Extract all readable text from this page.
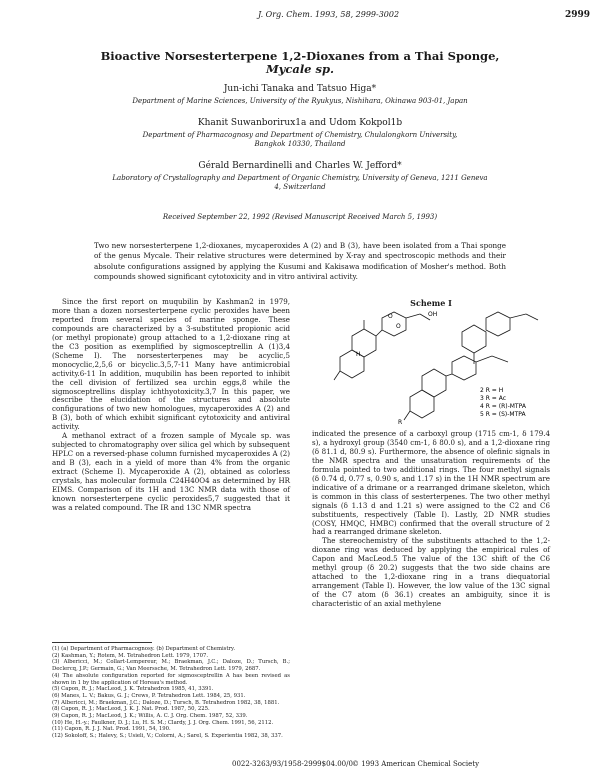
J. Org. Chem. 1993, 58, 2999-3002	2999
Bioactive Norsesterterpene 1,2-Dioxanes from a Thai Sponge,
Mycale sp.
Jun-ichi Tanaka and Tatsuo Higa*
Department of Marine Sciences, University of the Ryukyus, Nishihara, Okinawa 903-01, Japan
Khanit Suwanborirux1a and Udom Kokpol1b
Department of Pharmacognosy and Department of Chemistry, Chulalongkorn University, Bangkok 10330, Thailand
Gérald Bernardinelli and Charles W. Jefford*
Laboratory of Crystallography and Department of Organic Chemistry, University of Geneva, 1211 Geneva 4, Switzerland
Received September 22, 1992 (Revised Manuscript Received March 5, 1993)
Two new norsesterterpene 1,2-dioxanes, mycaperoxides A (2) and B (3), have been isolated from a Thai sponge of the genus Mycale. Their relative structures were determined by X-ray and spectroscopic methods and their absolute configurations assigned by applying the Kusumi and Kakisawa modification of Mosher's method. Both compounds showed significant cytotoxicity and in vitro antiviral activity.

Since the first report on muqubilin by Kashman2 in 1979, more than a dozen norsesterterpene cyclic peroxides have been reported from several species of marine sponge. These compounds are characterized by a 3-substituted propionic acid (or methyl propionate) group attached to a 1,2-dioxane ring at the C3 position as exemplified by sigmosceptrellin A (1)3,4 (Scheme I). The norsesterterpenes may be acyclic,5 monocyclic,2,5,6 or bicyclic.3,5,7-11 Many have antimicrobial activity.6-11 In addition, muqubilin has been reported to inhibit the cell division of fertilized sea urchin eggs,8 while the sigmosceptrellins display ichthyotoxicity.3,7 In this paper, we describe the elucidation of the structures and absolute configurations of two new homologues, mycaperoxides A (2) and B (3), both of which exhibit significant cytotoxicity and antiviral activity.

A methanol extract of a frozen sample of Mycale sp. was subjected to chromatography over silica gel which by subsequent HPLC on a reversed-phase column furnished mycaperoxides A (2) and B (3), each in a yield of more than 4% from the organic extract (Scheme I). Mycaperoxide A (2), obtained as colorless crystals, has molecular formula C24H40O4 as determined by HR EIMS. Comparison of its 1H and 13C NMR data with those of known norsesterterpene cyclic peroxides5,7 suggested that it was a related compound. The IR and 13C NMR spectra

(1) (a) Department of Pharmacognosy. (b) Department of Chemistry.

(2) Kashman, Y.; Rotem, M. Tetrahedron Lett. 1979, 1707.

(3) Albericci, M.; Collart-Lempereur, M.; Braekman, J.C.; Daloze, D.; Tursch, B.; Declercq, J.P.; Germain, G.; Van Meerssche, M. Tetrahedron Lett. 1979, 2687.

(4) The absolute configuration reported for sigmosceptrellin A has been revised as shown in 1 by the application of Horeau's method.

(5) Capon, R. J.; MacLeod, J. K. Tetrahedron 1985, 41, 3391.

(6) Manes, L. V.; Bakus, G. J.; Crews, P. Tetrahedron Lett. 1984, 25, 931.

(7) Albericci, M.; Braekman, J.C.; Daloze, D.; Tursch, B. Tetrahedron 1982, 38, 1881.

(8) Capon, R. J.; MacLeod, J. K. J. Nat. Prod. 1987, 50, 225.

(9) Capon, R. J.; MacLeod, J. K.; Willis, A. C. J. Org. Chem. 1987, 52, 339.

(10) He, H.-y.; Faulkner, D. J.; Lu, H. S. M.; Clardy, J. J. Org. Chem. 1991, 56, 2112.

(11) Capon, R. J. J. Nat. Prod. 1991, 54, 190.

(12) Sokoloff, S.; Halevy, S.; Usieli, V.; Colorni, A.; Sarel, S. Experientia 1982, 38, 337.

Scheme I
OH
O
O
H
R
2 R = H
3 R = Ac
4 R = (R)-MTPA
5 R = (S)-MTPA

indicated the presence of a carboxyl group (1715 cm-1, δ 179.4 s), a hydroxyl group (3540 cm-1, δ 80.0 s), and a 1,2-dioxane ring (δ 81.1 d, 80.9 s). Furthermore, the absence of olefinic signals in the NMR spectra and the unsaturation requirements of the formula pointed to two additional rings. The four methyl signals (δ 0.74 d, 0.77 s, 0.90 s, and 1.17 s) in the 1H NMR spectrum are indicative of a drimane or a rearranged drimane skeleton, which is common in this class of sesterterpenes. The two other methyl signals (δ 1.13 d and 1.21 s) were assigned to the C2 and C6 substituents, respectively (Table I). Lastly, 2D NMR studies (COSY, HMQC, HMBC) confirmed that the overall structure of 2 had a rearranged drimane skeleton.

The stereochemistry of the substituents attached to the 1,2-dioxane ring was deduced by applying the empirical rules of Capon and MacLeod.5 The value of the 13C shift of the C6 methyl group (δ 20.2) suggests that the two side chains are attached to the 1,2-dioxane ring in a trans diequatorial arrangement (Table I). However, the low value of the 13C signal of the C7 atom (δ 36.1) creates an ambiguity, since it is characteristic of an axial methylene

0022-3263/93/1958-2999$04.00/0 © 1993 American Chemical Society
